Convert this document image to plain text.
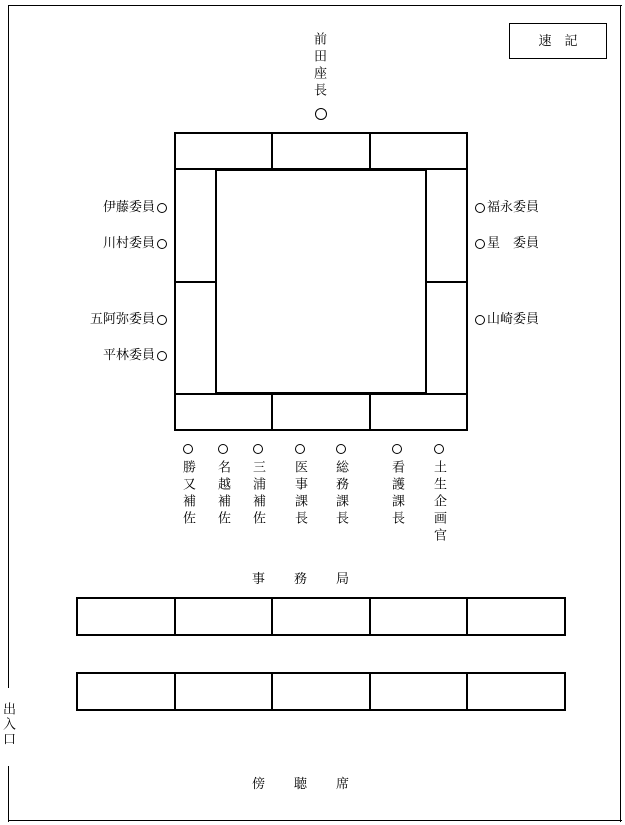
速　記
前田座長
伊藤委員
川村委員
五阿弥委員
平林委員
福永委員
星　委員
山崎委員
勝又補佐 名越補佐 三浦補佐 医事課長 総務課長	看護課長 土生企画官
事　務　局
出入口
傍　聴　席
